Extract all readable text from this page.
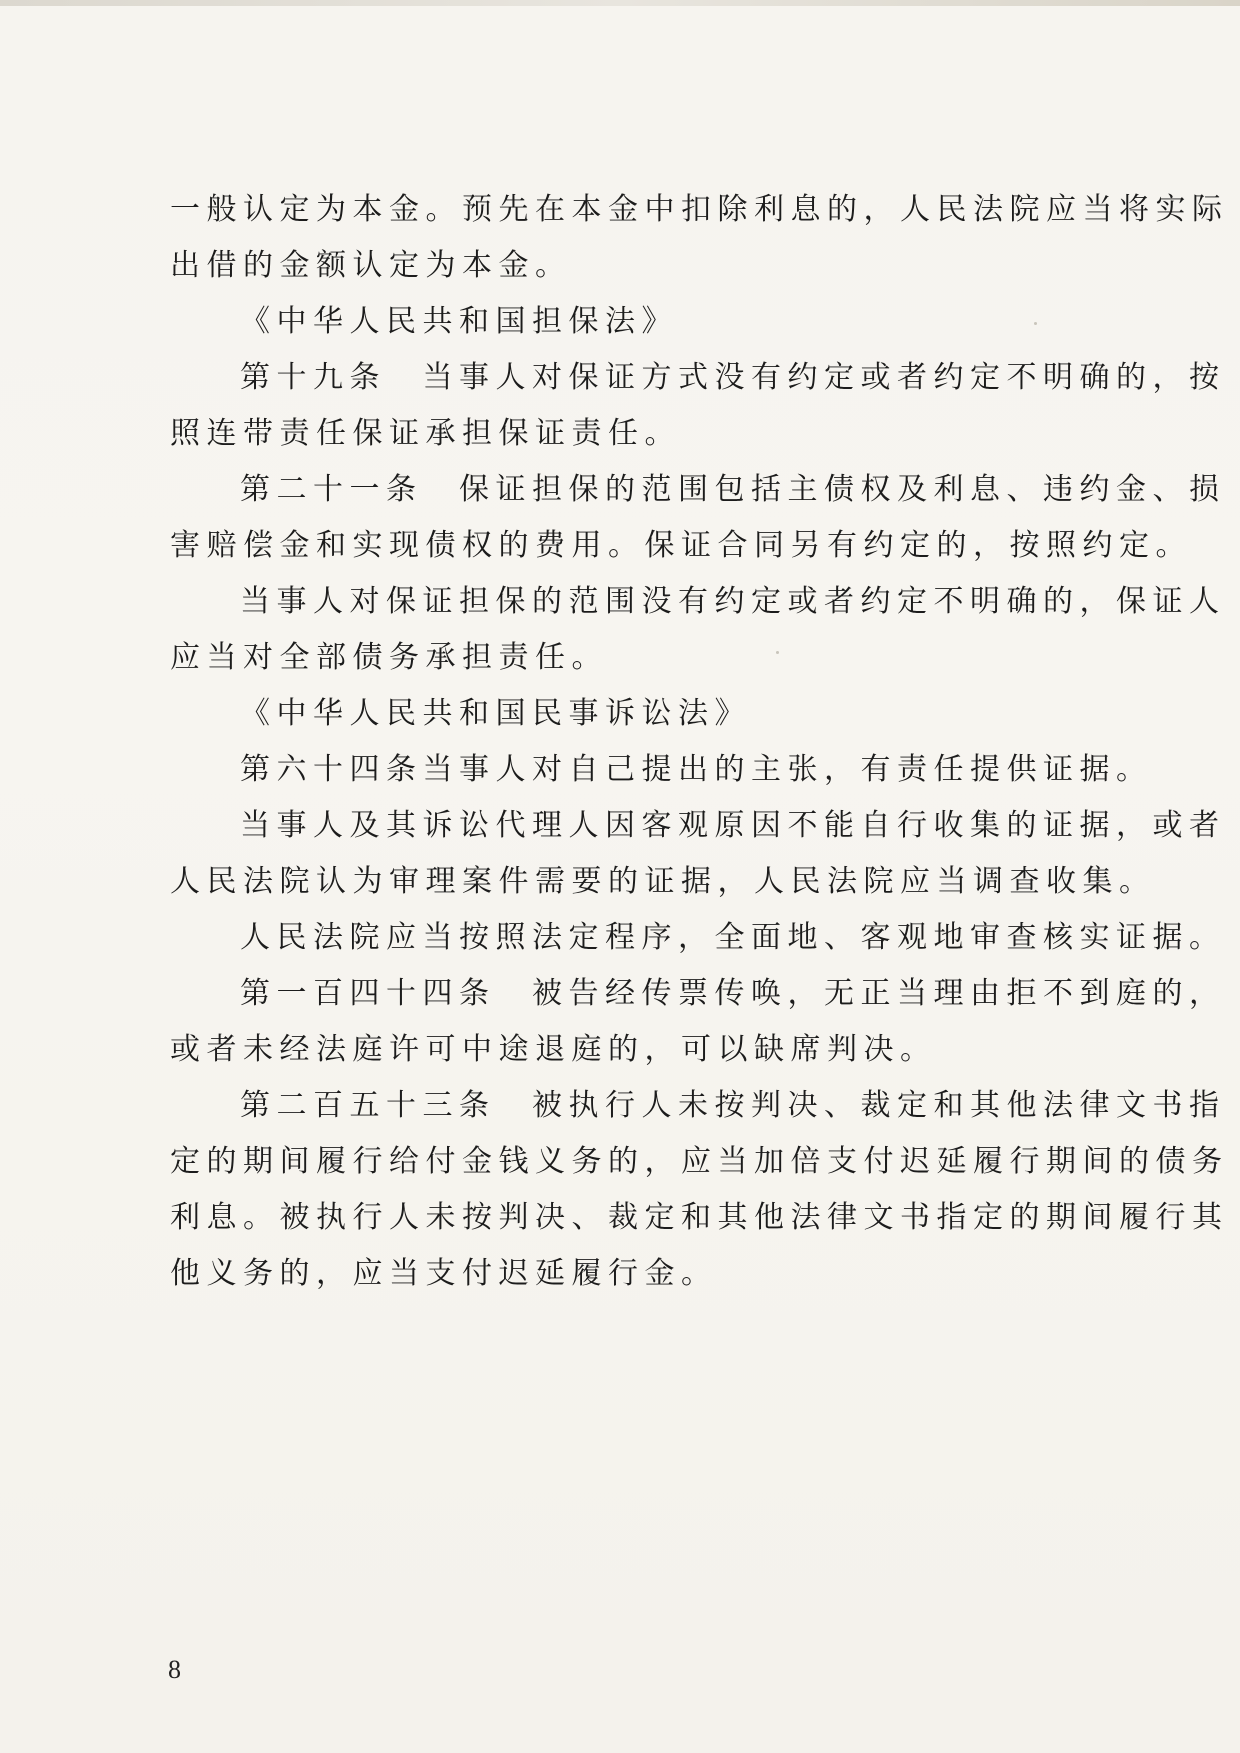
一般认定为本金。预先在本金中扣除利息的，人民法院应当将实际
出借的金额认定为本金。
《中华人民共和国担保法》
第十九条　当事人对保证方式没有约定或者约定不明确的，按
照连带责任保证承担保证责任。
第二十一条　保证担保的范围包括主债权及利息、违约金、损
害赔偿金和实现债权的费用。保证合同另有约定的，按照约定。
当事人对保证担保的范围没有约定或者约定不明确的，保证人
应当对全部债务承担责任。
《中华人民共和国民事诉讼法》
第六十四条当事人对自己提出的主张，有责任提供证据。
当事人及其诉讼代理人因客观原因不能自行收集的证据，或者
人民法院认为审理案件需要的证据，人民法院应当调查收集。
人民法院应当按照法定程序，全面地、客观地审查核实证据。
第一百四十四条　被告经传票传唤，无正当理由拒不到庭的，
或者未经法庭许可中途退庭的，可以缺席判决。
第二百五十三条　被执行人未按判决、裁定和其他法律文书指
定的期间履行给付金钱义务的，应当加倍支付迟延履行期间的债务
利息。被执行人未按判决、裁定和其他法律文书指定的期间履行其
他义务的，应当支付迟延履行金。
8
